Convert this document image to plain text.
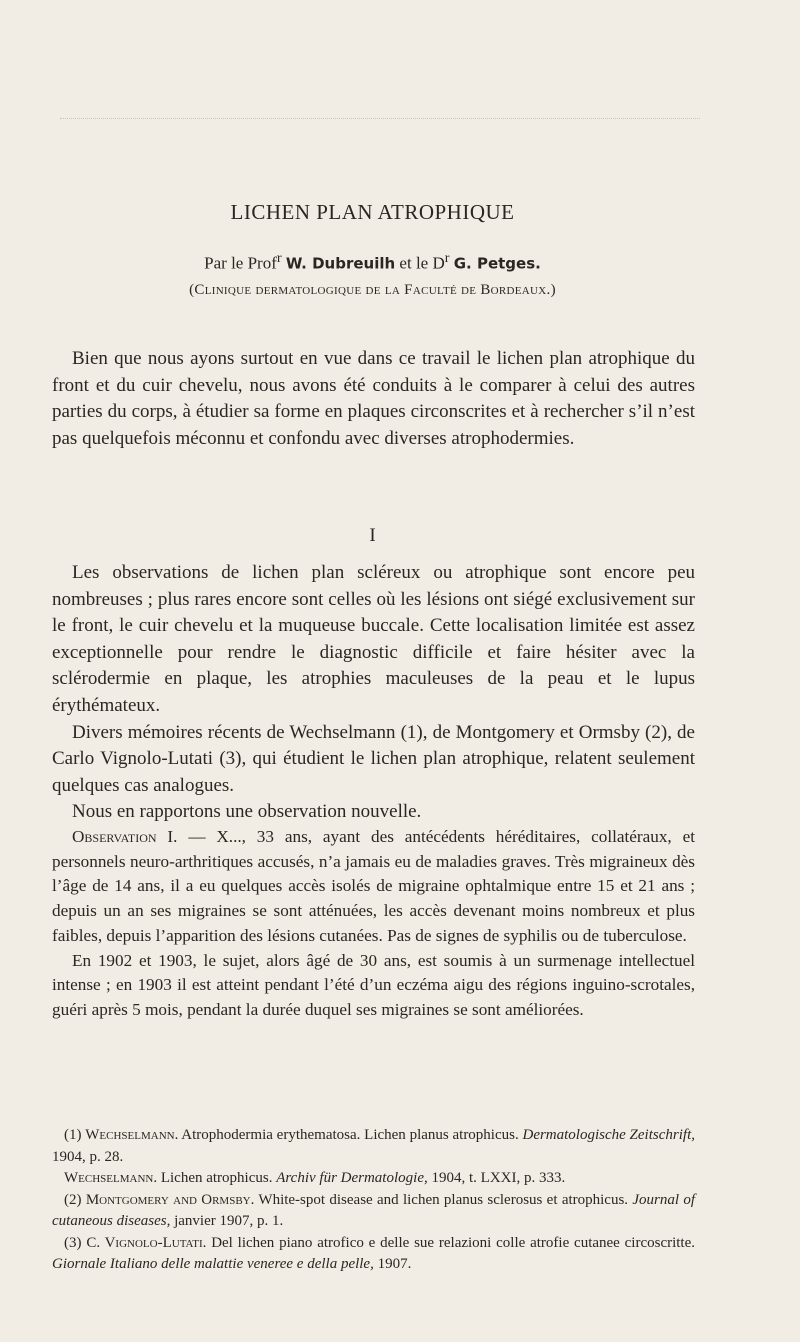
LICHEN PLAN ATROPHIQUE
Par le Prof$^r$ W. Dubreuilh et le $D^r$ G. Petges.
(Clinique dermatologique de la Faculté de Bordeaux.)

Bien que nous ayons surtout en vue dans ce travail le lichen plan atrophique du front et du cuir chevelu, nous avons été conduits à le comparer à celui des autres parties du corps, à étudier sa forme en plaques circonscrites et à rechercher s’il n’est pas quelquefois méconnu et confondu avec diverses atrophodermies.

I

Les observations de lichen plan scléreux ou atrophique sont encore peu nombreuses ; plus rares encore sont celles où les lésions ont siégé exclusivement sur le front, le cuir chevelu et la muqueuse buccale. Cette localisation limitée est assez exceptionnelle pour rendre le diagnostic difficile et faire hésiter avec la sclérodermie en plaque, les atrophies maculeuses de la peau et le lupus érythémateux.

Divers mémoires récents de Wechselmann (1), de Montgomery et Ormsby (2), de Carlo Vignolo-Lutati (3), qui étudient le lichen plan atrophique, relatent seulement quelques cas analogues.

Nous en rapportons une observation nouvelle.

Observation I. — X..., 33 ans, ayant des antécédents héréditaires, collatéraux, et personnels neuro-arthritiques accusés, n’a jamais eu de maladies graves. Très migraineux dès l’âge de 14 ans, il a eu quelques accès isolés de migraine ophtalmique entre 15 et 21 ans ; depuis un an ses migraines se sont atténuées, les accès devenant moins nombreux et plus faibles, depuis l’apparition des lésions cutanées. Pas de signes de syphilis ou de tuberculose.

En 1902 et 1903, le sujet, alors âgé de 30 ans, est soumis à un surmenage intellectuel intense ; en 1903 il est atteint pendant l’été d’un eczéma aigu des régions inguino-scrotales, guéri après 5 mois, pendant la durée duquel ses migraines se sont améliorées.

(1) Wechselmann. Atrophodermia erythematosa. Lichen planus atrophicus. Dermatologische Zeitschrift, 1904, p. 28.

Wechselmann. Lichen atrophicus. Archiv für Dermatologie, 1904, t. LXXI, p. 333.

(2) Montgomery and Ormsby. White-spot disease and lichen planus sclerosus et atrophicus. Journal of cutaneous diseases, janvier 1907, p. 1.

(3) C. Vignolo-Lutati. Del lichen piano atrofico e delle sue relazioni colle atrofie cutanee circoscritte. Giornale Italiano delle malattie veneree e della pelle, 1907.
